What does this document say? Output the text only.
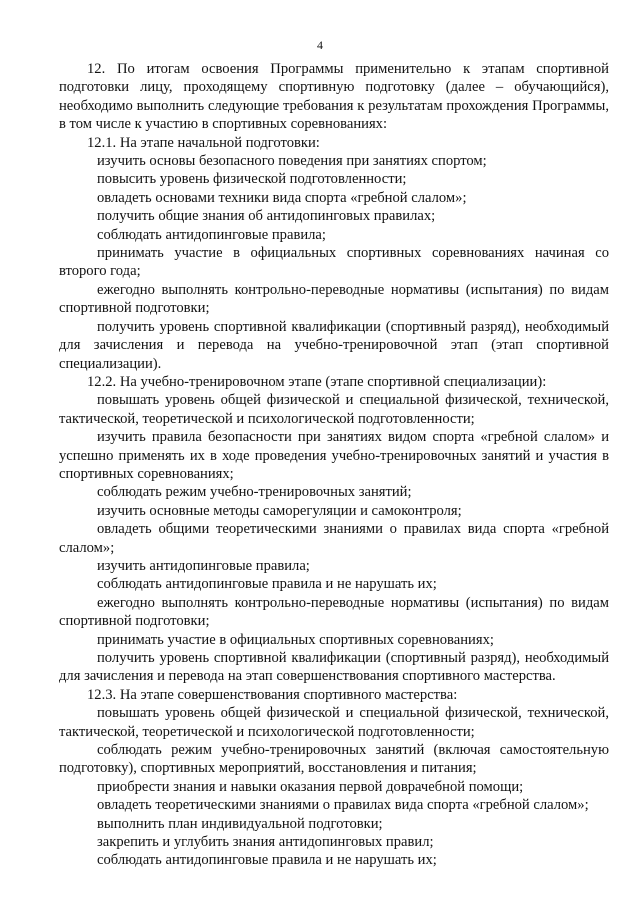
4

12. По итогам освоения Программы применительно к этапам спортивной подготовки лицу, проходящему спортивную подготовку (далее – обучающийся), необходимо выполнить следующие требования к результатам прохождения Программы, в том числе к участию в спортивных соревнованиях:

12.1. На этапе начальной подготовки:

изучить основы безопасного поведения при занятиях спортом;

повысить уровень физической подготовленности;

овладеть основами техники вида спорта «гребной слалом»;

получить общие знания об антидопинговых правилах;

соблюдать антидопинговые правила;

принимать участие в официальных спортивных соревнованиях начиная со второго года;

ежегодно выполнять контрольно-переводные нормативы (испытания) по видам спортивной подготовки;

получить уровень спортивной квалификации (спортивный разряд), необходимый для зачисления и перевода на учебно-тренировочной этап (этап спортивной специализации).

12.2. На учебно-тренировочном этапе (этапе спортивной специализации):

повышать уровень общей физической и специальной физической, технической, тактической, теоретической и психологической подготовленности;

изучить правила безопасности при занятиях видом спорта «гребной слалом» и успешно применять их в ходе проведения учебно-тренировочных занятий и участия в спортивных соревнованиях;

соблюдать режим учебно-тренировочных занятий;

изучить основные методы саморегуляции и самоконтроля;

овладеть общими теоретическими знаниями о правилах вида спорта «гребной слалом»;

изучить антидопинговые правила;

соблюдать антидопинговые правила и не нарушать их;

ежегодно выполнять контрольно-переводные нормативы (испытания) по видам спортивной подготовки;

принимать участие в официальных спортивных соревнованиях;

получить уровень спортивной квалификации (спортивный разряд), необходимый для зачисления и перевода на этап совершенствования спортивного мастерства.

12.3. На этапе совершенствования спортивного мастерства:

повышать уровень общей физической и специальной физической, технической, тактической, теоретической и психологической подготовленности;

соблюдать режим учебно-тренировочных занятий (включая самостоятельную подготовку), спортивных мероприятий, восстановления и питания;

приобрести знания и навыки оказания первой доврачебной помощи;

овладеть теоретическими знаниями о правилах вида спорта «гребной слалом»;

выполнить план индивидуальной подготовки;

закрепить и углубить знания антидопинговых правил;

соблюдать антидопинговые правила и не нарушать их;
